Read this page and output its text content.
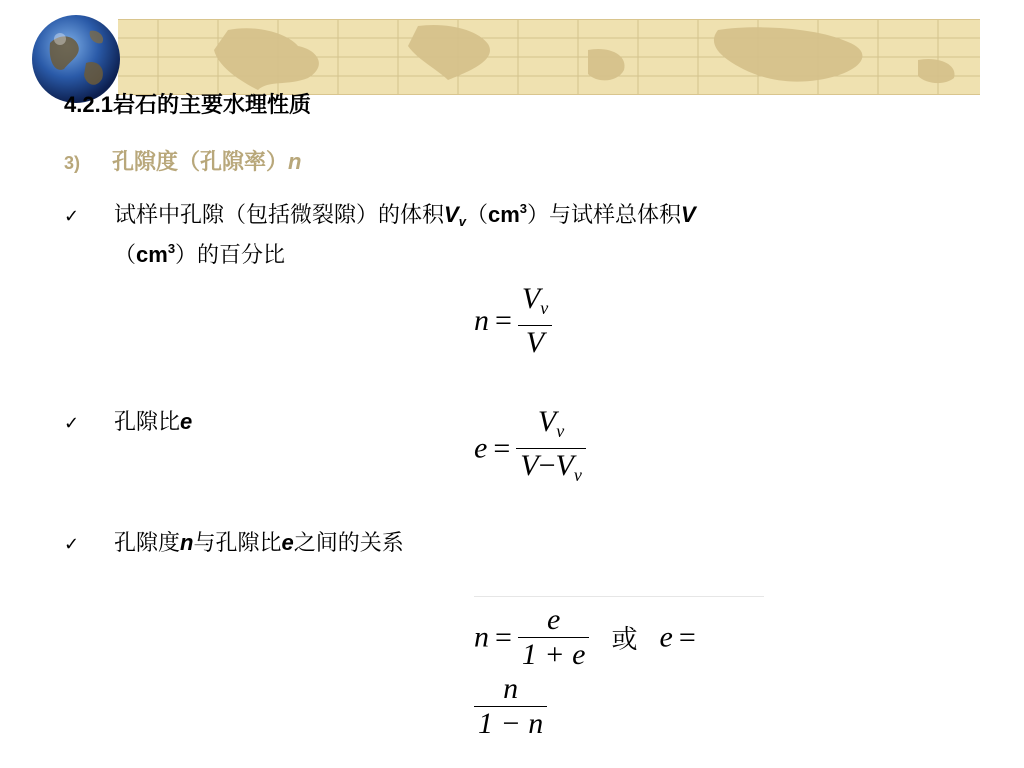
4.2.1岩石的主要水理性质
3) 孔隙度（孔隙率）n
✓ 试样中孔隙（包括微裂隙）的体积$V_v(cm^3)$与试样总体积V
$(cm^3)$的百分比
$n = \frac{V_v}{V}$
✓ 孔隙比e
$e = \frac{V_v}{V-V_v}$
✓ 孔隙度n与孔隙比e之间的关系
$n = \frac{e}{1 + e}$ 或 e =
$\frac{n}{1 - n}$
